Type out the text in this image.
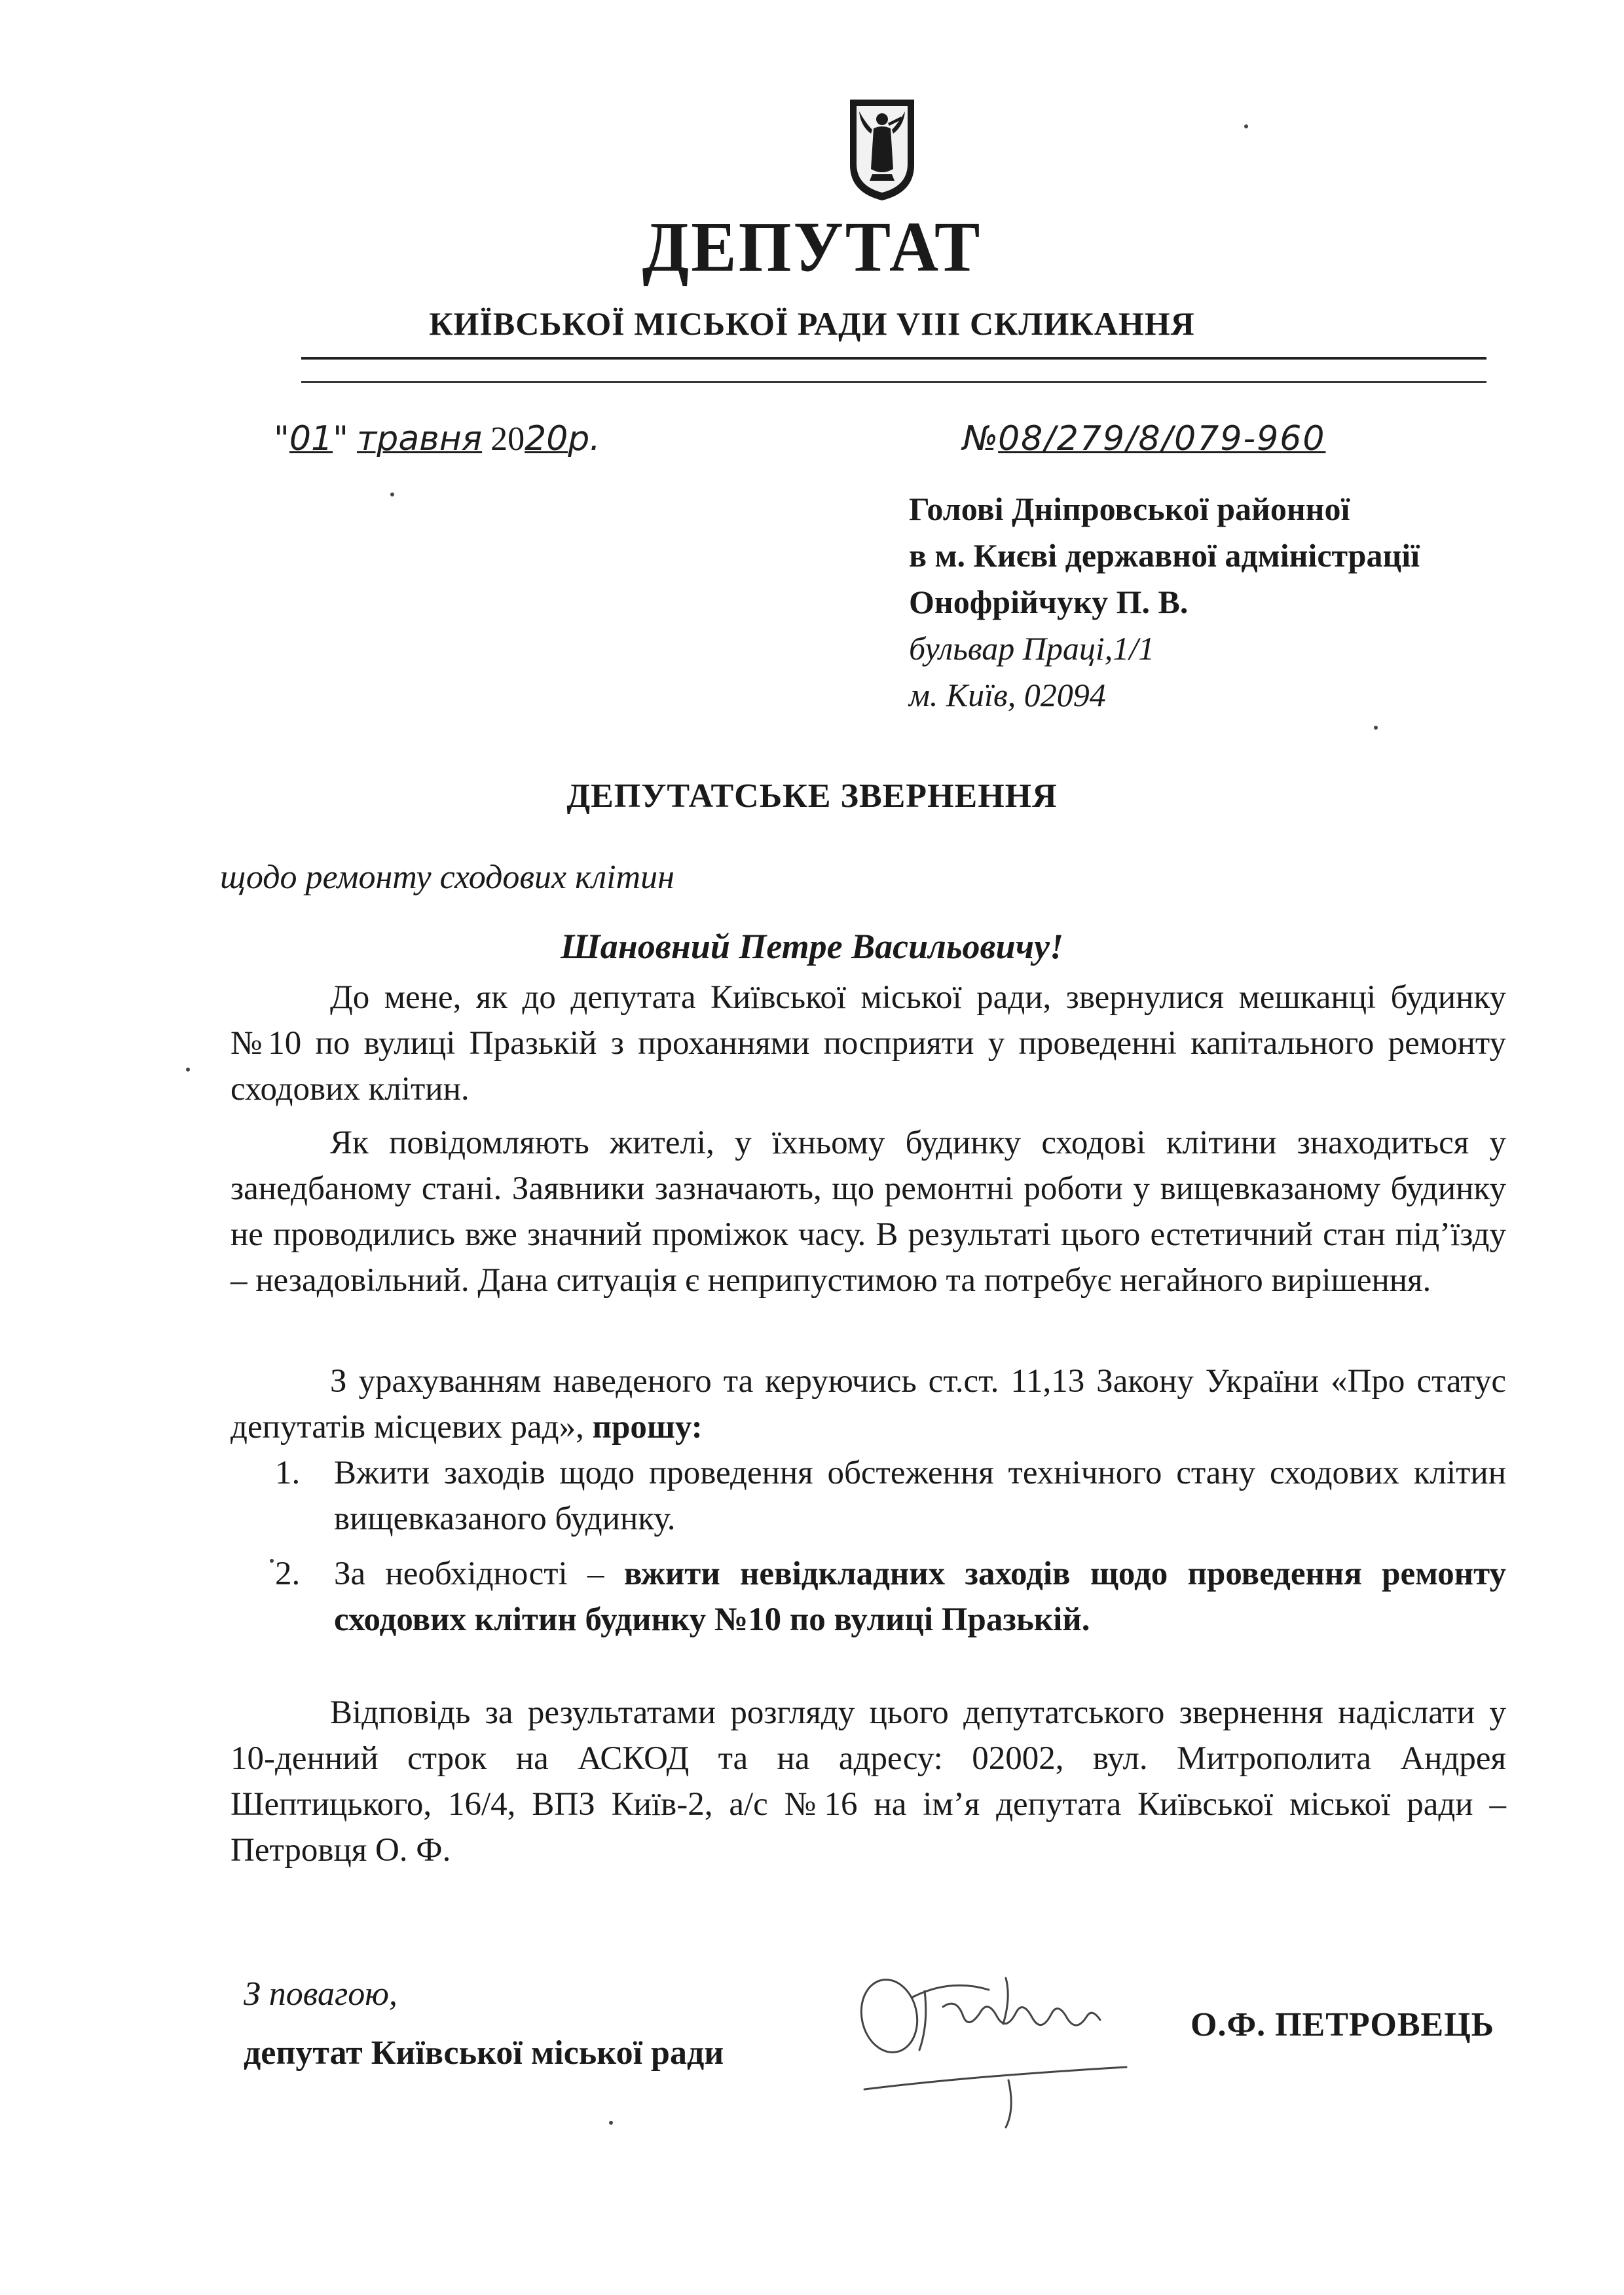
ДЕПУТАТ
КИЇВСЬКОЇ МІСЬКОЇ РАДИ VIII СКЛИКАННЯ
"01" травня 2020р.	№08/279/8/079-960
Голові Дніпровської районної
в м. Києві державної адміністрації
Онофрійчуку П. В.
бульвар Праці,1/1
м. Київ, 02094
ДЕПУТАТСЬКЕ ЗВЕРНЕННЯ
щодо ремонту сходових клітин
Шановний Петре Васильовичу!

До мене, як до депутата Київської міської ради, звернулися мешканці будинку №10 по вулиці Празькій з проханнями посприяти у проведенні капітального ремонту сходових клітин.

Як повідомляють жителі, у їхньому будинку сходові клітини знаходиться у занедбаному стані. Заявники зазначають, що ремонтні роботи у вищевказаному будинку не проводились вже значний проміжок часу. В результаті цього естетичний стан під’їзду – незадовільний. Дана ситуація є неприпустимою та потребує негайного вирішення.

З урахуванням наведеного та керуючись ст.ст. 11,13 Закону України «Про статус депутатів місцевих рад», прошу:

1. Вжити заходів щодо проведення обстеження технічного стану сходових клітин вищевказаного будинку.
2. За необхідності – вжити невідкладних заходів щодо проведення ремонту сходових клітин будинку №10 по вулиці Празькій.

Відповідь за результатами розгляду цього депутатського звернення надіслати у 10-денний строк на АСКОД та на адресу: 02002, вул. Митрополита Андрея Шептицького, 16/4, ВПЗ Київ-2, а/с №16 на ім’я депутата Київської міської ради – Петровця О. Ф.

З повагою,
депутат Київської міської ради
О.Ф. ПЕТРОВЕЦЬ
